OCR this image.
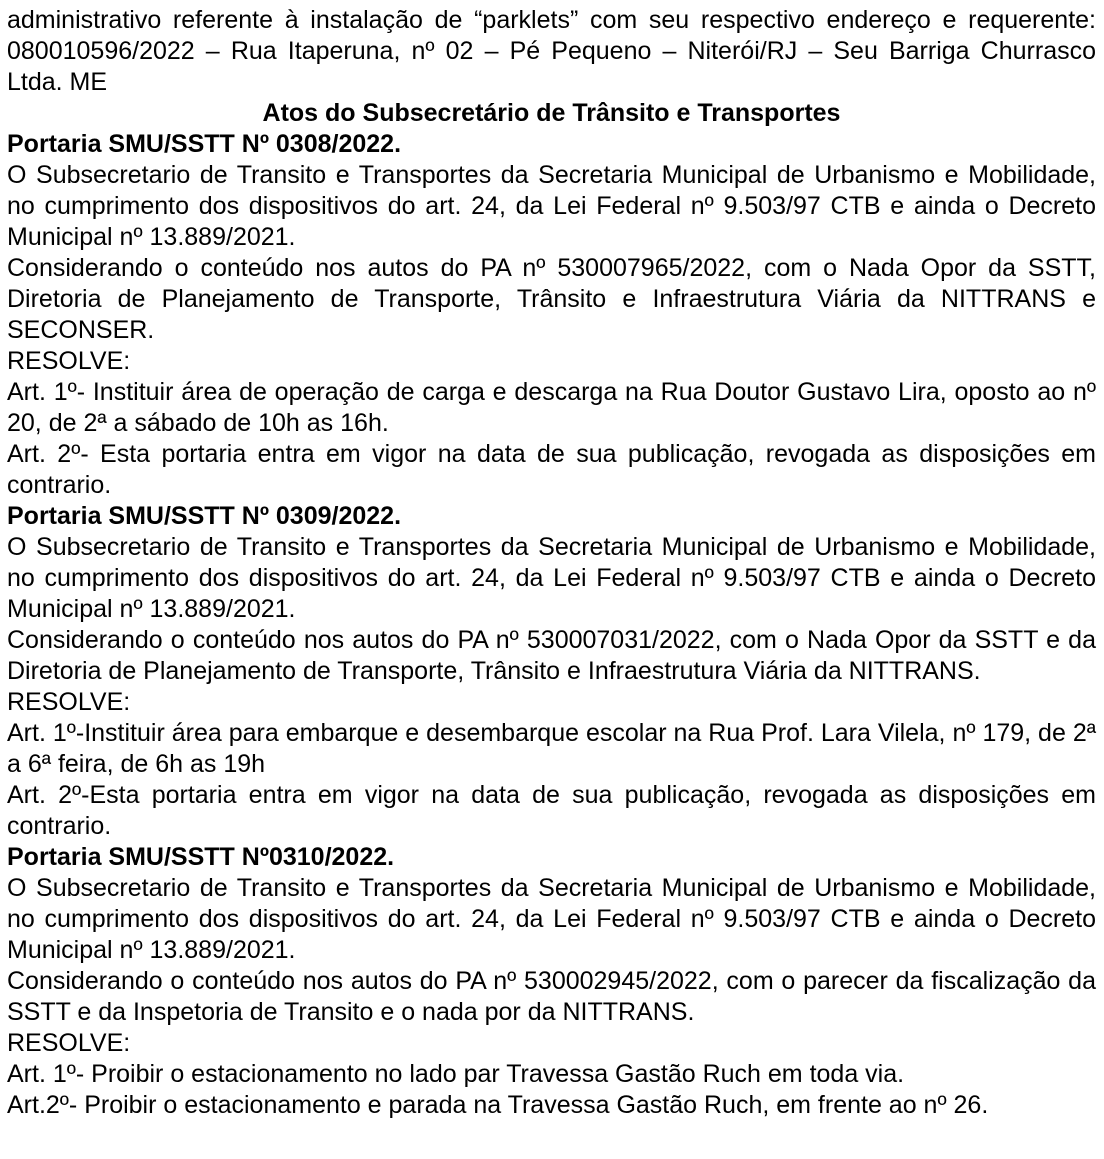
administrativo referente à instalação de “parklets” com seu respectivo endereço e requerente: 080010596/2022 – Rua Itaperuna, nº 02 – Pé Pequeno – Niterói/RJ – Seu Barriga Churrasco Ltda. ME

Atos do Subsecretário de Trânsito e Transportes
Portaria SMU/SSTT Nº 0308/2022.

O Subsecretario de Transito e Transportes da Secretaria Municipal de Urbanismo e Mobilidade, no cumprimento dos dispositivos do art. 24, da Lei Federal nº 9.503/97 CTB e ainda o Decreto Municipal nº 13.889/2021.

Considerando o conteúdo nos autos do PA nº 530007965/2022, com o Nada Opor da SSTT, Diretoria de Planejamento de Transporte, Trânsito e Infraestrutura Viária da NITTRANS e SECONSER.

RESOLVE:

Art. 1º- Instituir área de operação de carga e descarga na Rua Doutor Gustavo Lira, oposto ao nº 20, de 2ª a sábado de 10h as 16h.

Art. 2º- Esta portaria entra em vigor na data de sua publicação, revogada as disposições em contrario.

Portaria SMU/SSTT Nº 0309/2022.

O Subsecretario de Transito e Transportes da Secretaria Municipal de Urbanismo e Mobilidade, no cumprimento dos dispositivos do art. 24, da Lei Federal nº 9.503/97 CTB e ainda o Decreto Municipal nº 13.889/2021.

Considerando o conteúdo nos autos do PA nº 530007031/2022, com o Nada Opor da SSTT e da Diretoria de Planejamento de Transporte, Trânsito e Infraestrutura Viária da NITTRANS.

RESOLVE:

Art. 1º-Instituir área para embarque e desembarque escolar na Rua Prof. Lara Vilela, nº 179, de 2ª a 6ª feira, de 6h as 19h

Art. 2º-Esta portaria entra em vigor na data de sua publicação, revogada as disposições em contrario.

Portaria SMU/SSTT Nº0310/2022.

O Subsecretario de Transito e Transportes da Secretaria Municipal de Urbanismo e Mobilidade, no cumprimento dos dispositivos do art. 24, da Lei Federal nº 9.503/97 CTB e ainda o Decreto Municipal nº 13.889/2021.

Considerando o conteúdo nos autos do PA nº 530002945/2022, com o parecer da fiscalização da SSTT e da Inspetoria de Transito e o nada por da NITTRANS.

RESOLVE:

Art. 1º- Proibir o estacionamento no lado par Travessa Gastão Ruch em toda via.

Art.2º- Proibir o estacionamento e parada na Travessa Gastão Ruch, em frente ao nº 26.
